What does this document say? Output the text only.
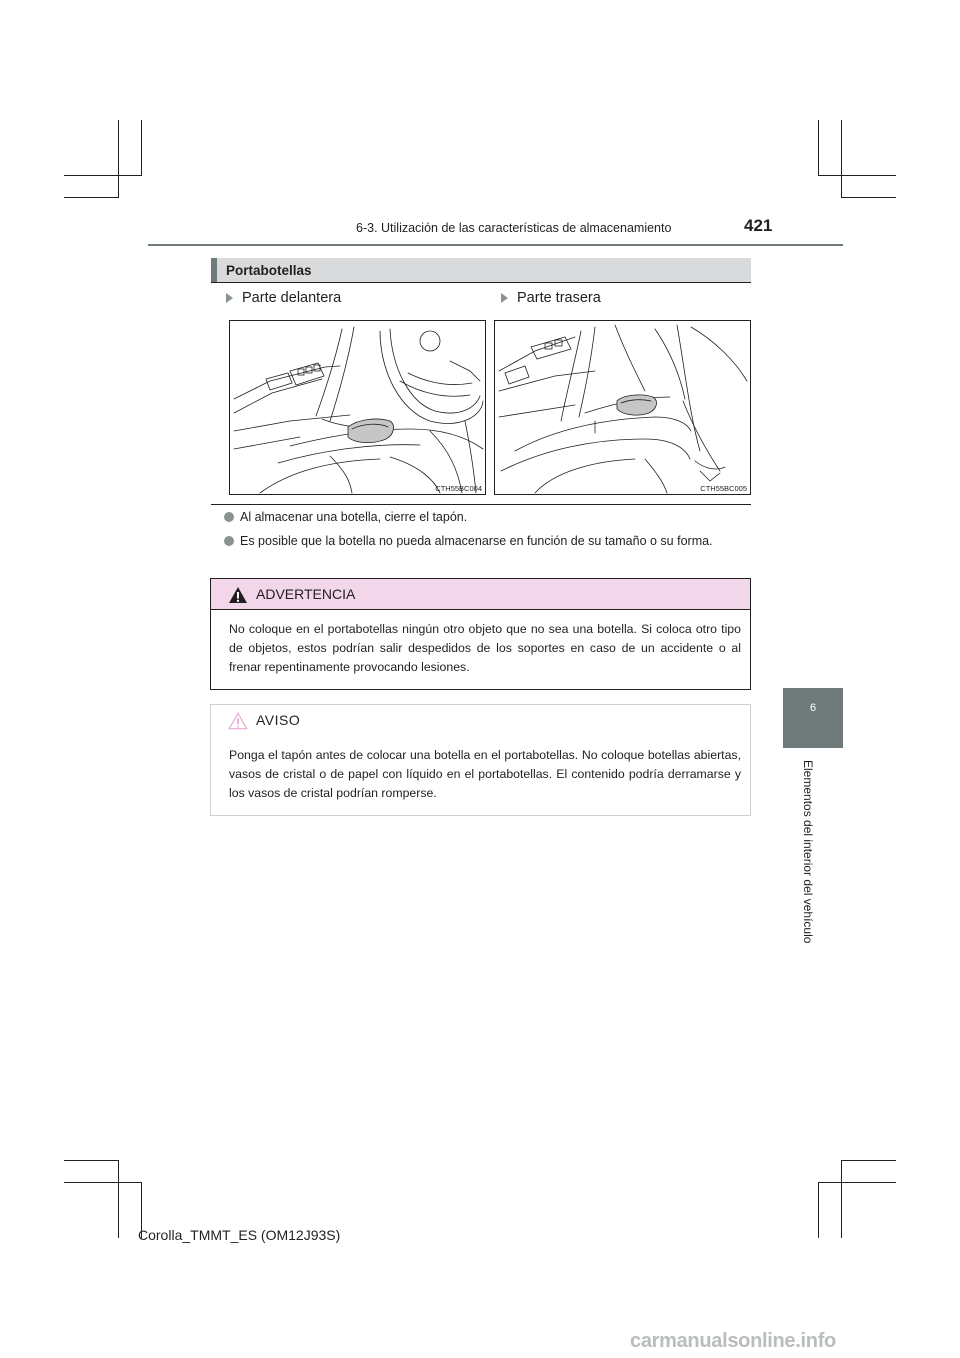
6-3. Utilización de las características de almacenamiento	421
6
Elementos del interior del vehículo
Portabotellas
Parte delantera	Parte trasera
CTH55BC004	CTH55BC005
Al almacenar una botella, cierre el tapón.
Es posible que la botella no pueda almacenarse en función de su tamaño o su forma.
ADVERTENCIA
No coloque en el portabotellas ningún otro objeto que no sea una botella. Si coloca otro tipo de objetos, estos podrían salir despedidos de los soportes en caso de un accidente o al frenar repentinamente provocando lesiones.
AVISO
Ponga el tapón antes de colocar una botella en el portabotellas. No coloque botellas abiertas, vasos de cristal o de papel con líquido en el portabotellas. El contenido podría derramarse y los vasos de cristal podrían romperse.
Corolla_TMMT_ES (OM12J93S)
carmanualsonline.info
